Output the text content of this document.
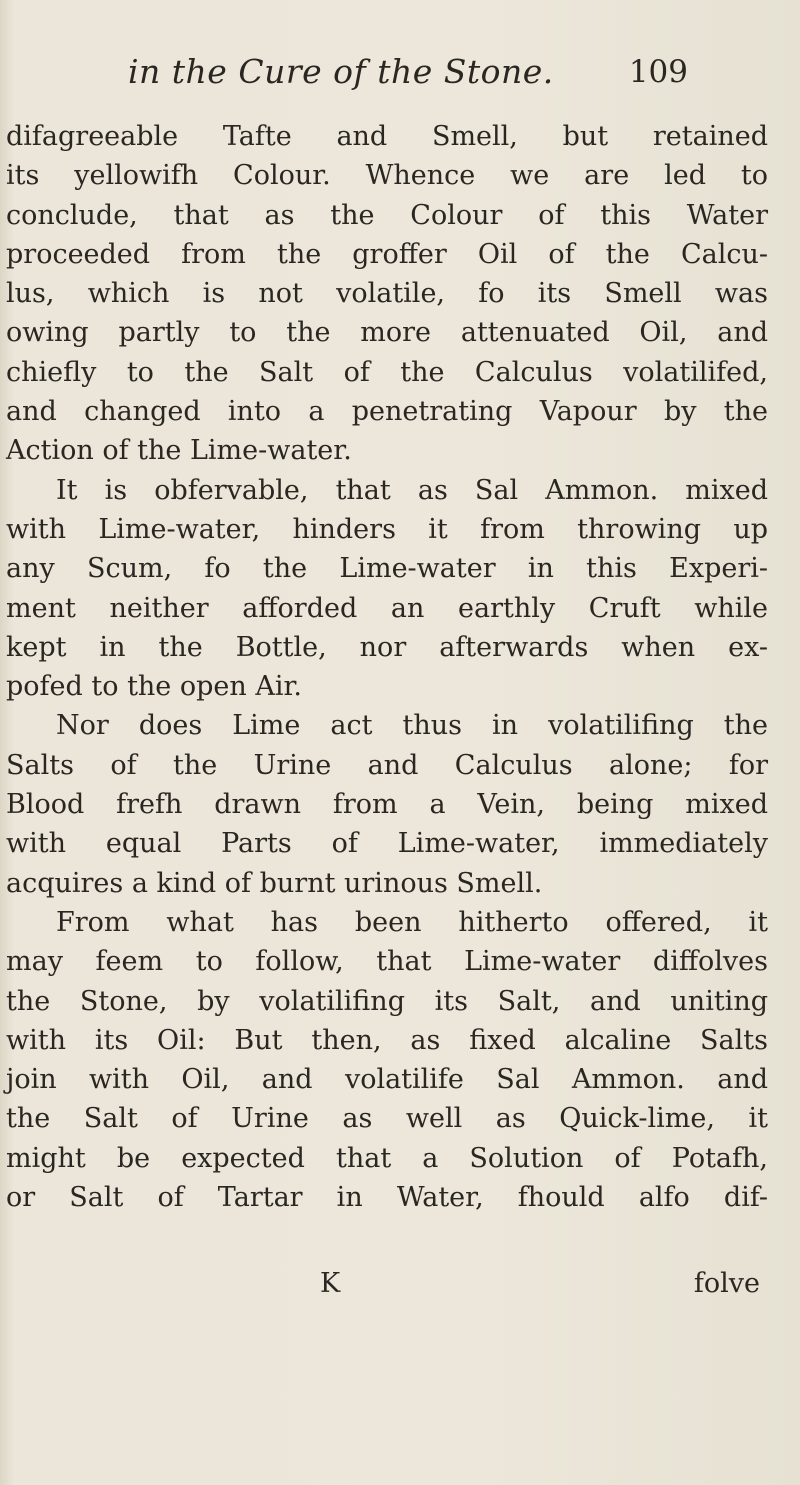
in the Cure of the Stone. 109
difagreeable Tafte and Smell, but retained
its yellowifh Colour. Whence we are led to
conclude, that as the Colour of this Water
proceeded from the groffer Oil of the Calcu-
lus, which is not volatile, fo its Smell was
owing partly to the more attenuated Oil, and
chiefly to the Salt of the Calculus volatilifed,
and changed into a penetrating Vapour by the
Action of the Lime-water.
It is obfervable, that as Sal Ammon. mixed
with Lime-water, hinders it from throwing up
any Scum, fo the Lime-water in this Experi-
ment neither afforded an earthly Cruft while
kept in the Bottle, nor afterwards when ex-
pofed to the open Air.
Nor does Lime act thus in volatilifing the
Salts of the Urine and Calculus alone; for
Blood frefh drawn from a Vein, being mixed
with equal Parts of Lime-water, immediately
acquires a kind of burnt urinous Smell.
From what has been hitherto offered, it
may feem to follow, that Lime-water diffolves
the Stone, by volatilifing its Salt, and uniting
with its Oil: But then, as fixed alcaline Salts
join with Oil, and volatilife Sal Ammon. and
the Salt of Urine as well as Quick-lime, it
might be expected that a Solution of Potafh,
or Salt of Tartar in Water, fhould alfo dif-
K	folve
